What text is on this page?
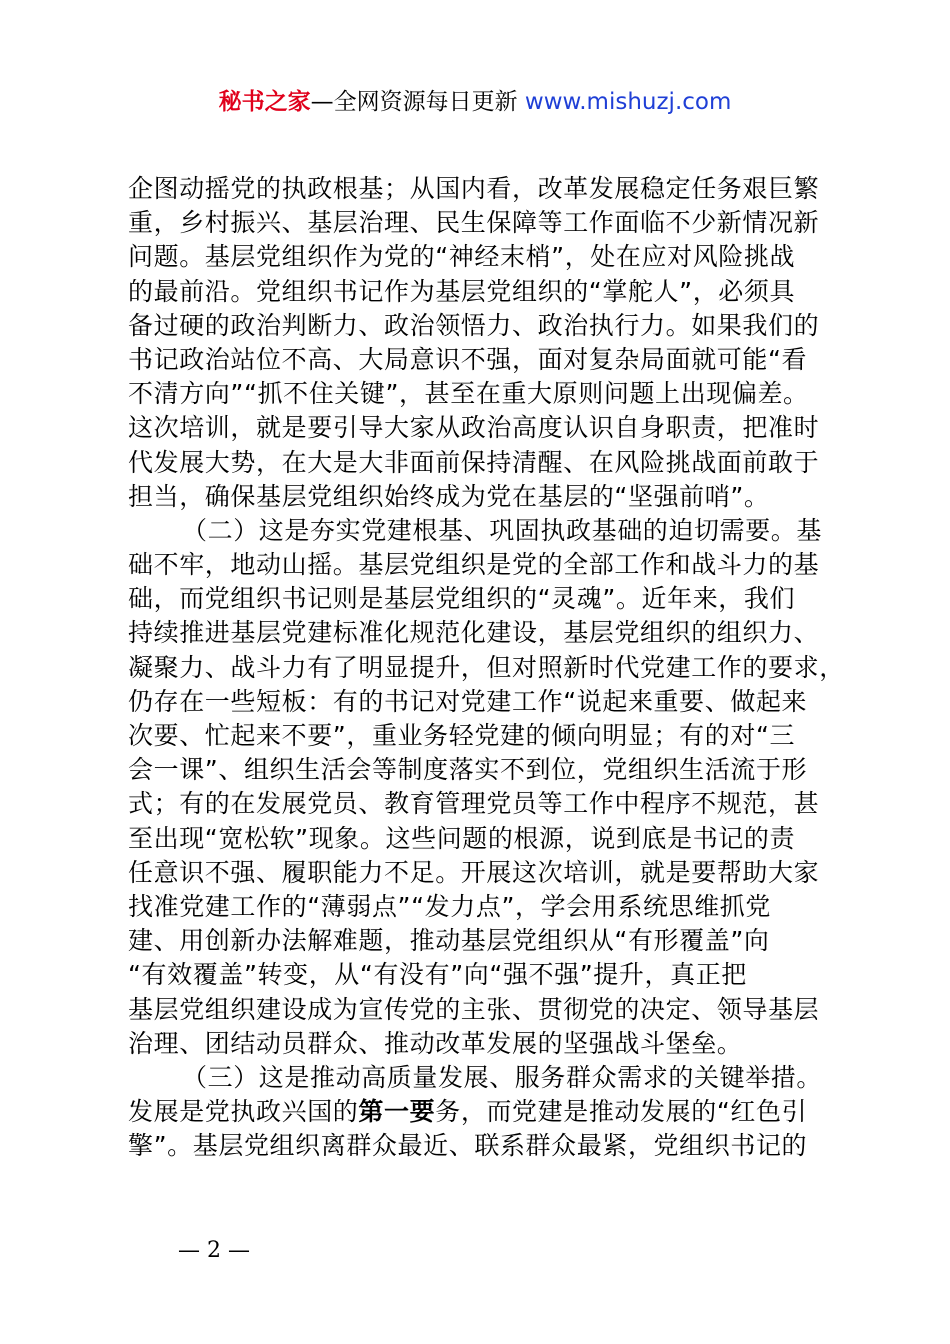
秘书之家—全网资源每日更新 www.mishuzj.com
企图动摇党的执政根基；从国内看，改革发展稳定任务艰巨繁
重，乡村振兴、基层治理、民生保障等工作面临不少新情况新
问题。基层党组织作为党的“神经末梢”，处在应对风险挑战
的最前沿。党组织书记作为基层党组织的“掌舵人”，必须具
备过硬的政治判断力、政治领悟力、政治执行力。如果我们的
书记政治站位不高、大局意识不强，面对复杂局面就可能“看
不清方向”“抓不住关键”，甚至在重大原则问题上出现偏差。
这次培训，就是要引导大家从政治高度认识自身职责，把准时
代发展大势，在大是大非面前保持清醒、在风险挑战面前敢于
担当，确保基层党组织始终成为党在基层的“坚强前哨”。
（二）这是夯实党建根基、巩固执政基础的迫切需要。基
础不牢，地动山摇。基层党组织是党的全部工作和战斗力的基
础，而党组织书记则是基层党组织的“灵魂”。近年来，我们
持续推进基层党建标准化规范化建设，基层党组织的组织力、
凝聚力、战斗力有了明显提升，但对照新时代党建工作的要求，
仍存在一些短板：有的书记对党建工作“说起来重要、做起来
次要、忙起来不要”，重业务轻党建的倾向明显；有的对“三
会一课”、组织生活会等制度落实不到位，党组织生活流于形
式；有的在发展党员、教育管理党员等工作中程序不规范，甚
至出现“宽松软”现象。这些问题的根源，说到底是书记的责
任意识不强、履职能力不足。开展这次培训，就是要帮助大家
找准党建工作的“薄弱点”“发力点”，学会用系统思维抓党
建、用创新办法解难题，推动基层党组织从“有形覆盖”向
“有效覆盖”转变，从“有没有”向“强不强”提升，真正把
基层党组织建设成为宣传党的主张、贯彻党的决定、领导基层
治理、团结动员群众、推动改革发展的坚强战斗堡垒。
（三）这是推动高质量发展、服务群众需求的关键举措。
发展是党执政兴国的第一要务，而党建是推动发展的“红色引
擎”。基层党组织离群众最近、联系群众最紧，党组织书记的
— 2 —
